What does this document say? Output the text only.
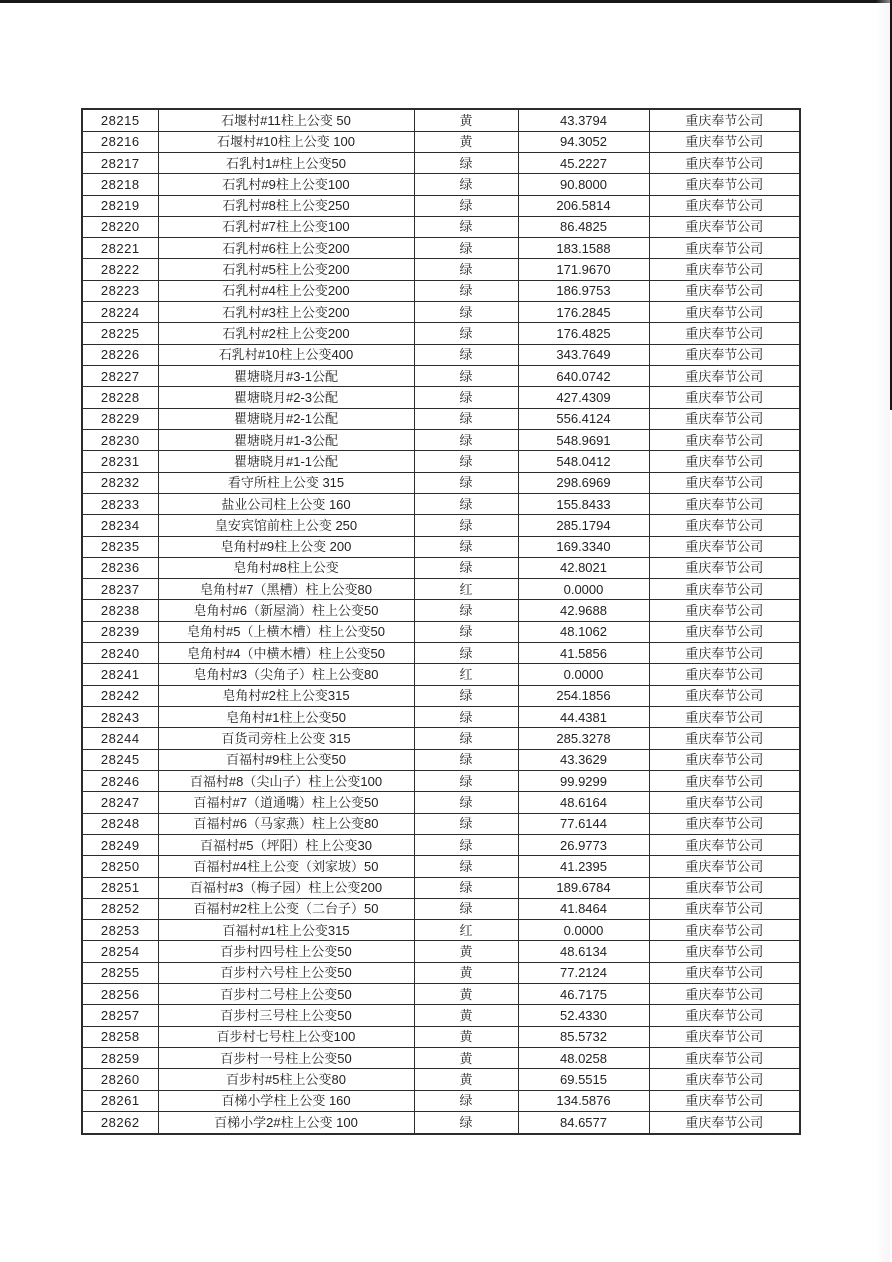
28215	石堰村#11柱上公变 50	黄	43.3794	重庆奉节公司
28216	石堰村#10柱上公变 100	黄	94.3052	重庆奉节公司
28217	石乳村1#柱上公变50	绿	45.2227	重庆奉节公司
28218	石乳村#9柱上公变100	绿	90.8000	重庆奉节公司
28219	石乳村#8柱上公变250	绿	206.5814	重庆奉节公司
28220	石乳村#7柱上公变100	绿	86.4825	重庆奉节公司
28221	石乳村#6柱上公变200	绿	183.1588	重庆奉节公司
28222	石乳村#5柱上公变200	绿	171.9670	重庆奉节公司
28223	石乳村#4柱上公变200	绿	186.9753	重庆奉节公司
28224	石乳村#3柱上公变200	绿	176.2845	重庆奉节公司
28225	石乳村#2柱上公变200	绿	176.4825	重庆奉节公司
28226	石乳村#10柱上公变400	绿	343.7649	重庆奉节公司
28227	瞿塘晓月#3-1公配	绿	640.0742	重庆奉节公司
28228	瞿塘晓月#2-3公配	绿	427.4309	重庆奉节公司
28229	瞿塘晓月#2-1公配	绿	556.4124	重庆奉节公司
28230	瞿塘晓月#1-3公配	绿	548.9691	重庆奉节公司
28231	瞿塘晓月#1-1公配	绿	548.0412	重庆奉节公司
28232	看守所柱上公变 315	绿	298.6969	重庆奉节公司
28233	盐业公司柱上公变 160	绿	155.8433	重庆奉节公司
28234	皇安宾馆前柱上公变 250	绿	285.1794	重庆奉节公司
28235	皂角村#9柱上公变 200	绿	169.3340	重庆奉节公司
28236	皂角村#8柱上公变	绿	42.8021	重庆奉节公司
28237	皂角村#7（黑槽）柱上公变80	红	0.0000	重庆奉节公司
28238	皂角村#6（新屋淌）柱上公变50	绿	42.9688	重庆奉节公司
28239	皂角村#5（上横木槽）柱上公变50	绿	48.1062	重庆奉节公司
28240	皂角村#4（中横木槽）柱上公变50	绿	41.5856	重庆奉节公司
28241	皂角村#3（尖角子）柱上公变80	红	0.0000	重庆奉节公司
28242	皂角村#2柱上公变315	绿	254.1856	重庆奉节公司
28243	皂角村#1柱上公变50	绿	44.4381	重庆奉节公司
28244	百货司旁柱上公变 315	绿	285.3278	重庆奉节公司
28245	百福村#9柱上公变50	绿	43.3629	重庆奉节公司
28246	百福村#8（尖山子）柱上公变100	绿	99.9299	重庆奉节公司
28247	百福村#7（道通嘴）柱上公变50	绿	48.6164	重庆奉节公司
28248	百福村#6（马家燕）柱上公变80	绿	77.6144	重庆奉节公司
28249	百福村#5（坪阳）柱上公变30	绿	26.9773	重庆奉节公司
28250	百福村#4柱上公变（刘家坡）50	绿	41.2395	重庆奉节公司
28251	百福村#3（梅子园）柱上公变200	绿	189.6784	重庆奉节公司
28252	百福村#2柱上公变（二台子）50	绿	41.8464	重庆奉节公司
28253	百福村#1柱上公变315	红	0.0000	重庆奉节公司
28254	百步村四号柱上公变50	黄	48.6134	重庆奉节公司
28255	百步村六号柱上公变50	黄	77.2124	重庆奉节公司
28256	百步村二号柱上公变50	黄	46.7175	重庆奉节公司
28257	百步村三号柱上公变50	黄	52.4330	重庆奉节公司
28258	百步村七号柱上公变100	黄	85.5732	重庆奉节公司
28259	百步村一号柱上公变50	黄	48.0258	重庆奉节公司
28260	百步村#5柱上公变80	黄	69.5515	重庆奉节公司
28261	百梯小学柱上公变 160	绿	134.5876	重庆奉节公司
28262	百梯小学2#柱上公变 100	绿	84.6577	重庆奉节公司
